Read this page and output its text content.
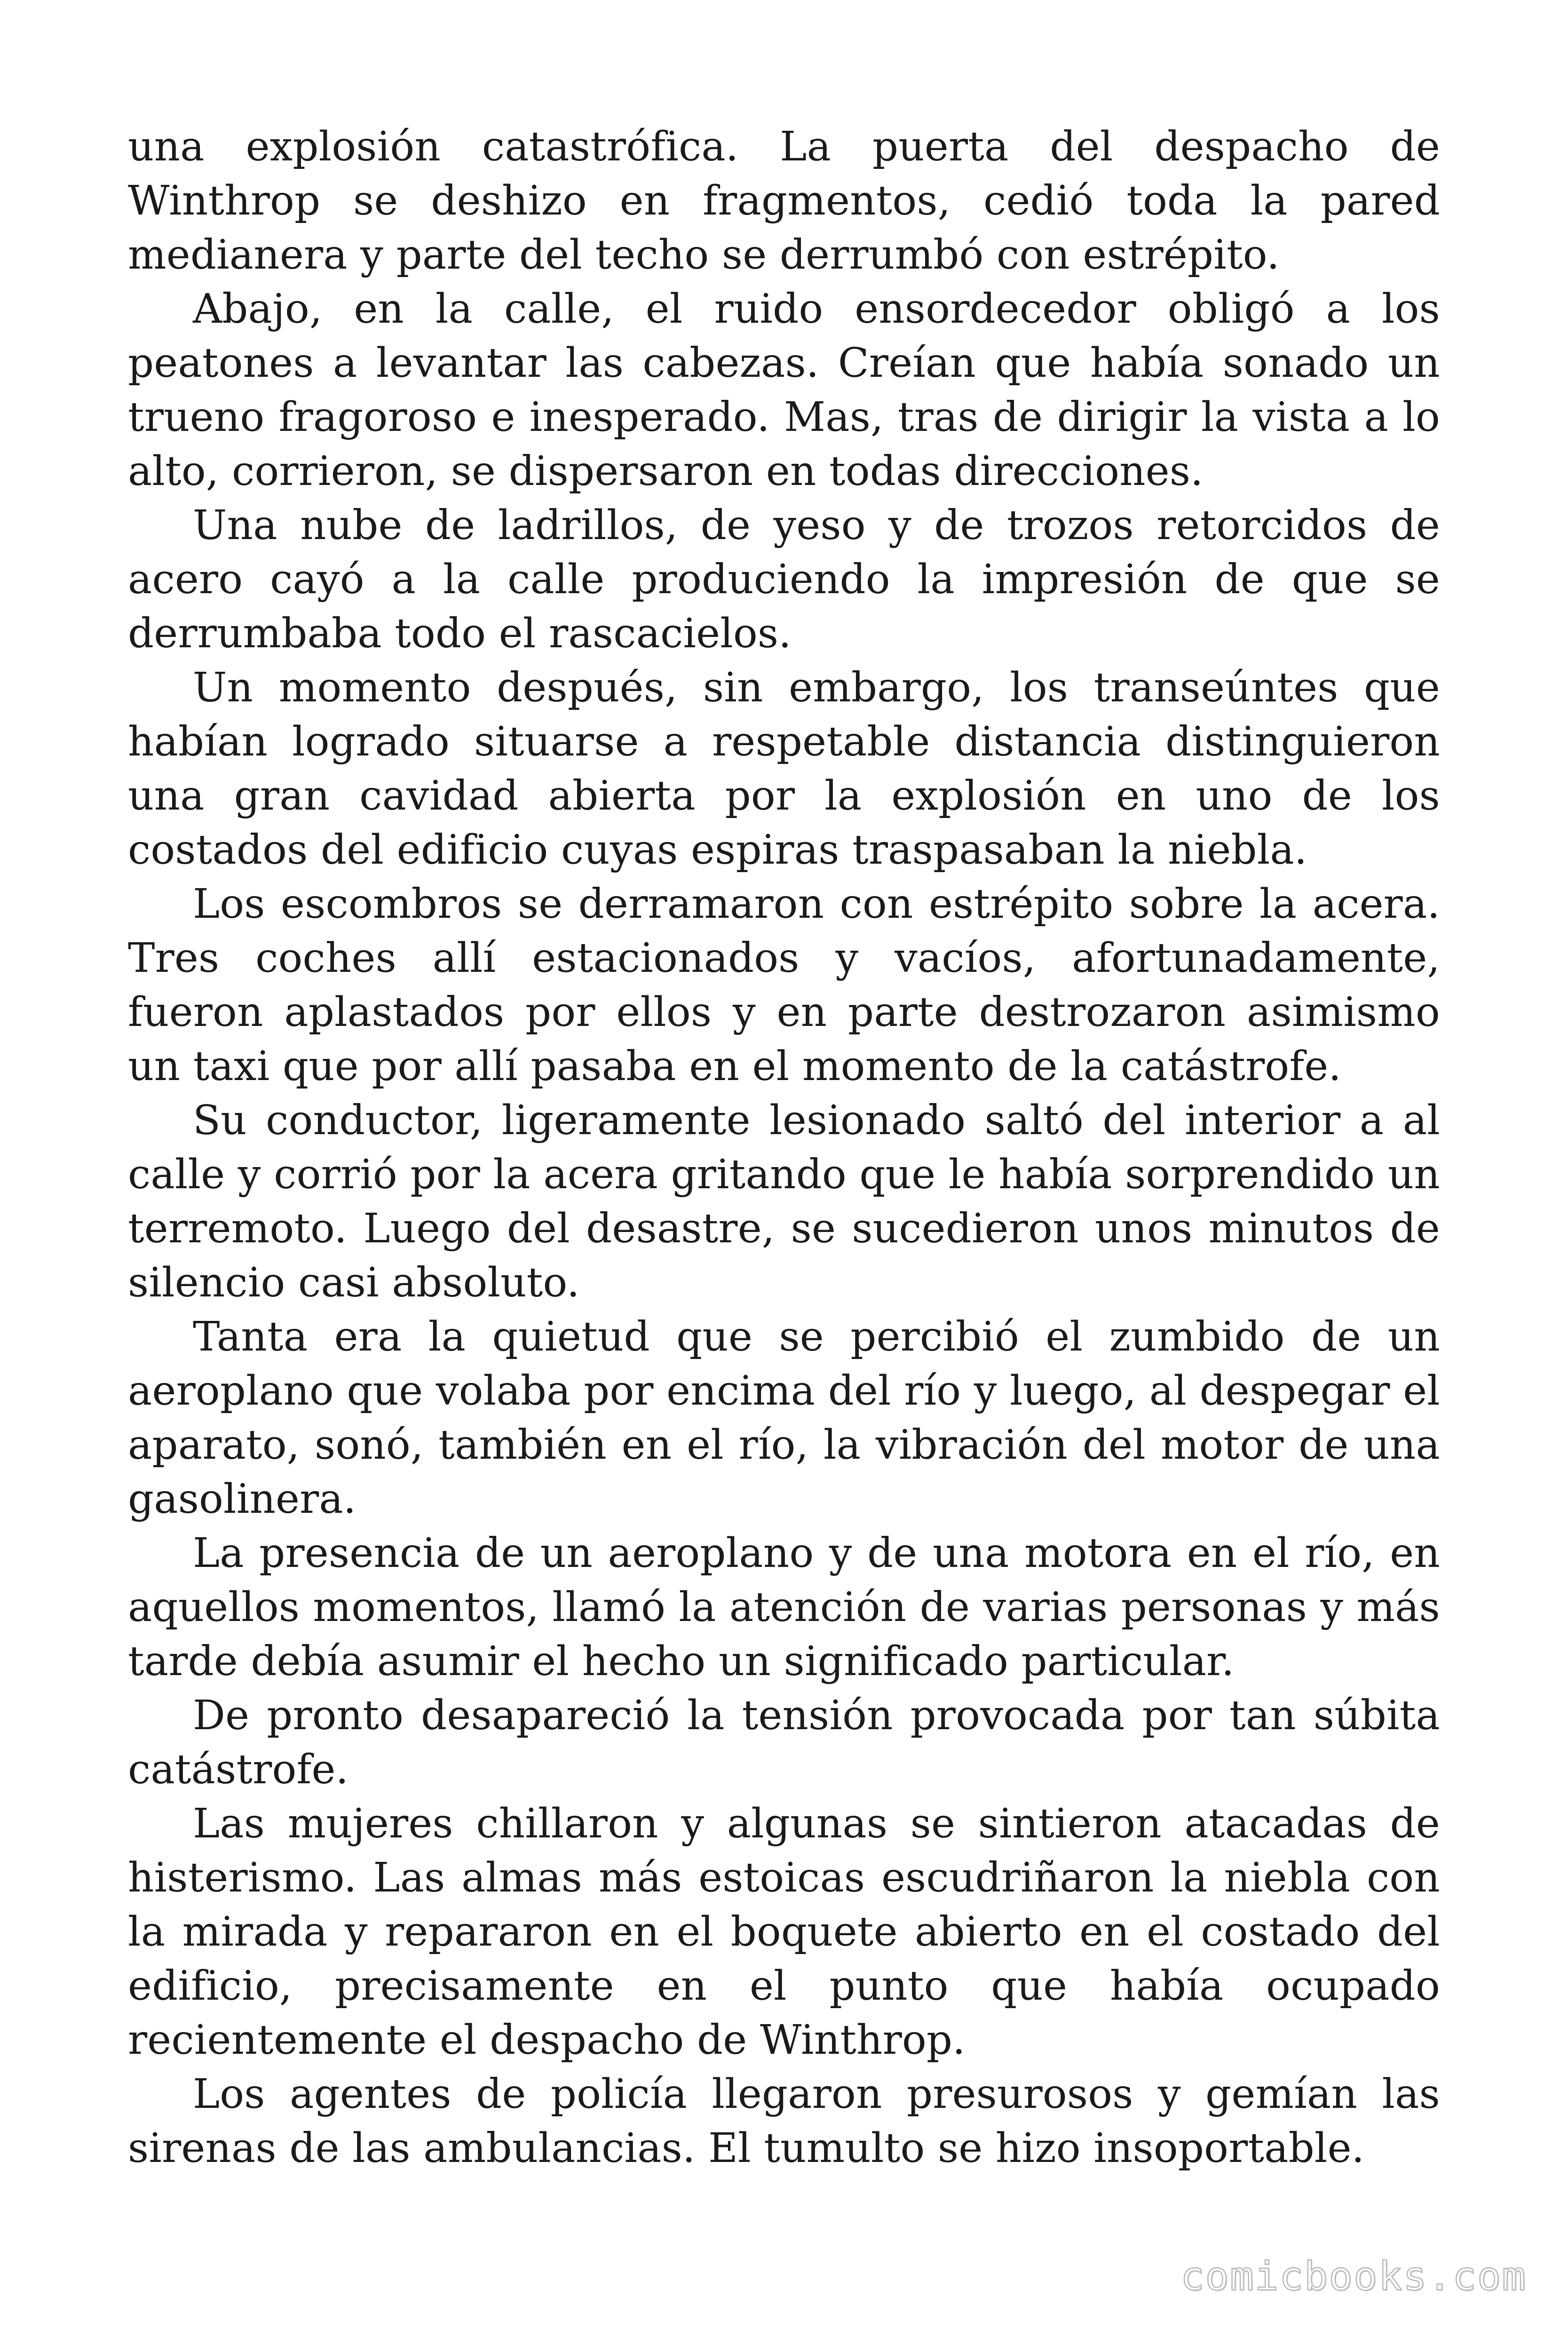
una explosión catastrófica. La puerta del despacho de Winthrop se deshizo en fragmentos, cedió toda la pared medianera y parte del techo se derrumbó con estrépito.

Abajo, en la calle, el ruido ensordecedor obligó a los peatones a levantar las cabezas. Creían que había sonado un trueno fragoroso e inesperado. Mas, tras de dirigir la vista a lo alto, corrieron, se dispersaron en todas direcciones.

Una nube de ladrillos, de yeso y de trozos retorcidos de acero cayó a la calle produciendo la impresión de que se derrumbaba todo el rascacielos.

Un momento después, sin embargo, los transeúntes que habían logrado situarse a respetable distancia distinguieron una gran cavidad abierta por la explosión en uno de los costados del edificio cuyas espiras traspasaban la niebla.

Los escombros se derramaron con estrépito sobre la acera. Tres coches allí estacionados y vacíos, afortunadamente, fueron aplastados por ellos y en parte destrozaron asimismo un taxi que por allí pasaba en el momento de la catástrofe.

Su conductor, ligeramente lesionado saltó del interior a al calle y corrió por la acera gritando que le había sorprendido un terremoto. Luego del desastre, se sucedieron unos minutos de silencio casi absoluto.

Tanta era la quietud que se percibió el zumbido de un aeroplano que volaba por encima del río y luego, al despegar el aparato, sonó, también en el río, la vibración del motor de una gasolinera.

La presencia de un aeroplano y de una motora en el río, en aquellos momentos, llamó la atención de varias personas y más tarde debía asumir el hecho un significado particular.

De pronto desapareció la tensión provocada por tan súbita catástrofe.

Las mujeres chillaron y algunas se sintieron atacadas de histerismo. Las almas más estoicas escudriñaron la niebla con la mirada y repararon en el boquete abierto en el costado del edificio, precisamente en el punto que había ocupado recientemente el despacho de Winthrop.

Los agentes de policía llegaron presurosos y gemían las sirenas de las ambulancias. El tumulto se hizo insoportable.

comicbooks.com
